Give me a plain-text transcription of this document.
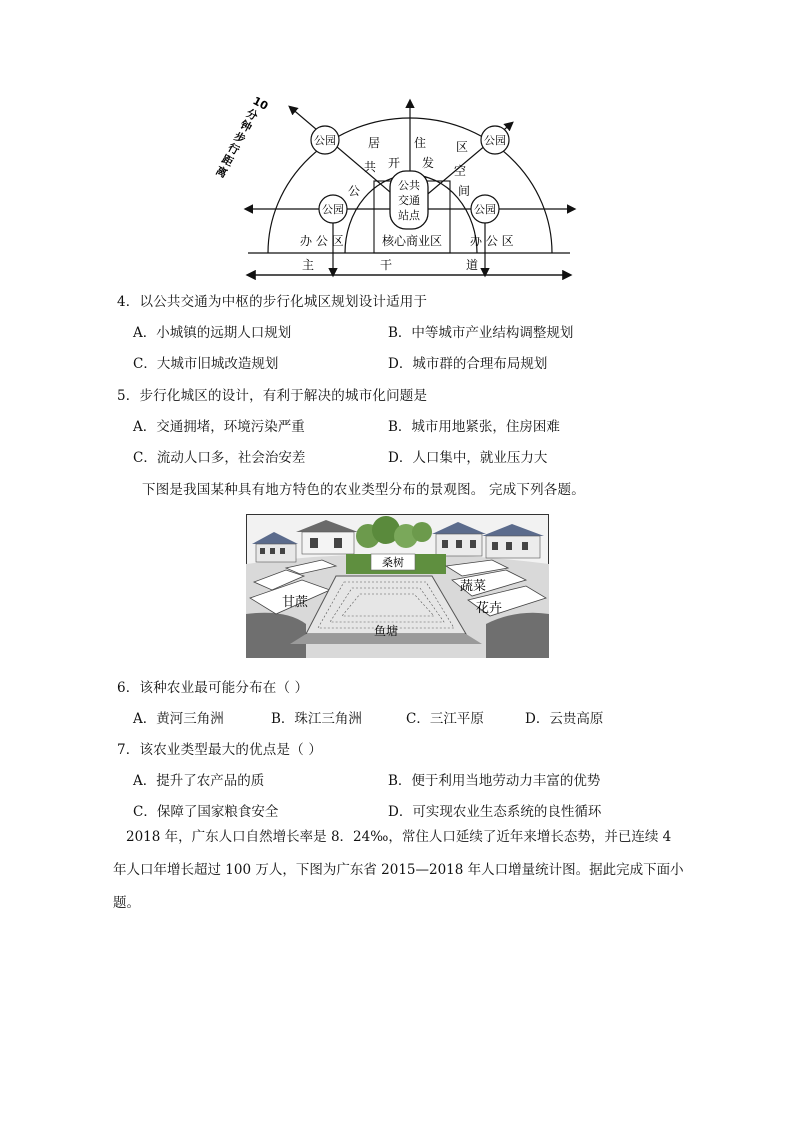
公园	公园
公园	公园
公共
交通
站点
居	住 区
共 开 发
空
间
公
办 公 区	核心商业区 办 公 区
主	干	道
10
分
钟
步
行
距
离
4．以公共交通为中枢的步行化城区规划设计适用于
A．小城镇的远期人口规划	B．中等城市产业结构调整规划
C．大城市旧城改造规划	D．城市群的合理布局规划
5．步行化城区的设计，有利于解决的城市化问题是
A．交通拥堵，环境污染严重	B．城市用地紧张，住房困难
C．流动人口多，社会治安差	D．人口集中，就业压力大
下图是我国某种具有地方特色的农业类型分布的景观图。 完成下列各题。
桑树
甘蔗
蔬菜
花卉
鱼塘
6．该种农业最可能分布在（ ）
A．黄河三角洲	B．珠江三角洲	C．三江平原	D．云贵高原
7．该农业类型最大的优点是（ ）
A．提升了农产品的质	B．便于利用当地劳动力丰富的优势
C．保障了国家粮食安全	D．可实现农业生态系统的良性循环
2018 年，广东人口自然增长率是 8．24‰，常住人口延续了近年来增长态势，并已连续 4
年人口年增长超过 100 万人，下图为广东省 2015—2018 年人口增量统计图。据此完成下面小
题。
